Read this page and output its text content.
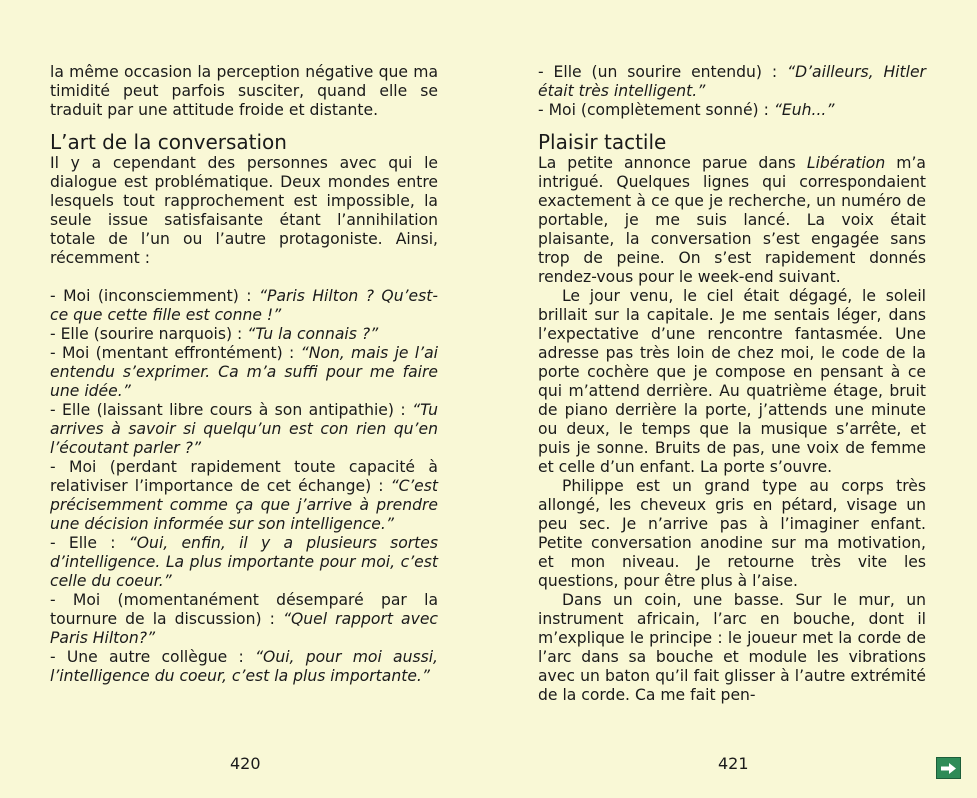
la même occasion la perception négative que ma timidité peut parfois susciter, quand elle se traduit par une attitude froide et distante.

L’art de la conversation

Il y a cependant des personnes avec qui le dialogue est problématique. Deux mondes entre lesquels tout rapprochement est impossible, la seule issue satisfaisante étant l’annihilation totale de l’un ou l’autre protagoniste. Ainsi, récemment :

- Moi (inconsciemment) : “Paris Hilton ? Qu’est-ce que cette fille est conne !”

- Elle (sourire narquois) : “Tu la connais ?”

- Moi (mentant effrontément) : “Non, mais je l’ai entendu s’exprimer. Ca m’a suffi pour me faire une idée.”

- Elle (laissant libre cours à son antipathie) : “Tu arrives à savoir si quelqu’un est con rien qu’en l’écoutant parler ?”

- Moi (perdant rapidement toute capacité à relativiser l’importance de cet échange) : “C’est précisemment comme ça que j’arrive à prendre une décision informée sur son intelligence.”

- Elle : “Oui, enfin, il y a plusieurs sortes d’intelligence. La plus importante pour moi, c’est celle du coeur.”

- Moi (momentanément désemparé par la tournure de la discussion) : “Quel rapport avec Paris Hilton?”

- Une autre collègue : “Oui, pour moi aussi, l’intelligence du coeur, c’est la plus importante.”

- Elle (un sourire entendu) : “D’ailleurs, Hitler était très intelligent.”

- Moi (complètement sonné) : “Euh...”

Plaisir tactile

La petite annonce parue dans Libération m’a intrigué. Quelques lignes qui correspondaient exactement à ce que je recherche, un numéro de portable, je me suis lancé. La voix était plaisante, la conversation s’est engagée sans trop de peine. On s’est rapidement donnés rendez-vous pour le week-end suivant.

Le jour venu, le ciel était dégagé, le soleil brillait sur la capitale. Je me sentais léger, dans l’expectative d’une rencontre fantasmée. Une adresse pas très loin de chez moi, le code de la porte cochère que je compose en pensant à ce qui m’attend derrière. Au quatrième étage, bruit de piano derrière la porte, j’attends une minute ou deux, le temps que la musique s’arrête, et puis je sonne. Bruits de pas, une voix de femme et celle d’un enfant. La porte s’ouvre.

Philippe est un grand type au corps très allongé, les cheveux gris en pétard, visage un peu sec. Je n’arrive pas à l’imaginer enfant. Petite conversation anodine sur ma motivation, et mon niveau. Je retourne très vite les questions, pour être plus à l’aise.

Dans un coin, une basse. Sur le mur, un instrument africain, l’arc en bouche, dont il m’explique le principe : le joueur met la corde de l’arc dans sa bouche et module les vibrations avec un baton qu’il fait glisser à l’autre extrémité de la corde. Ca me fait pen-

420	421
